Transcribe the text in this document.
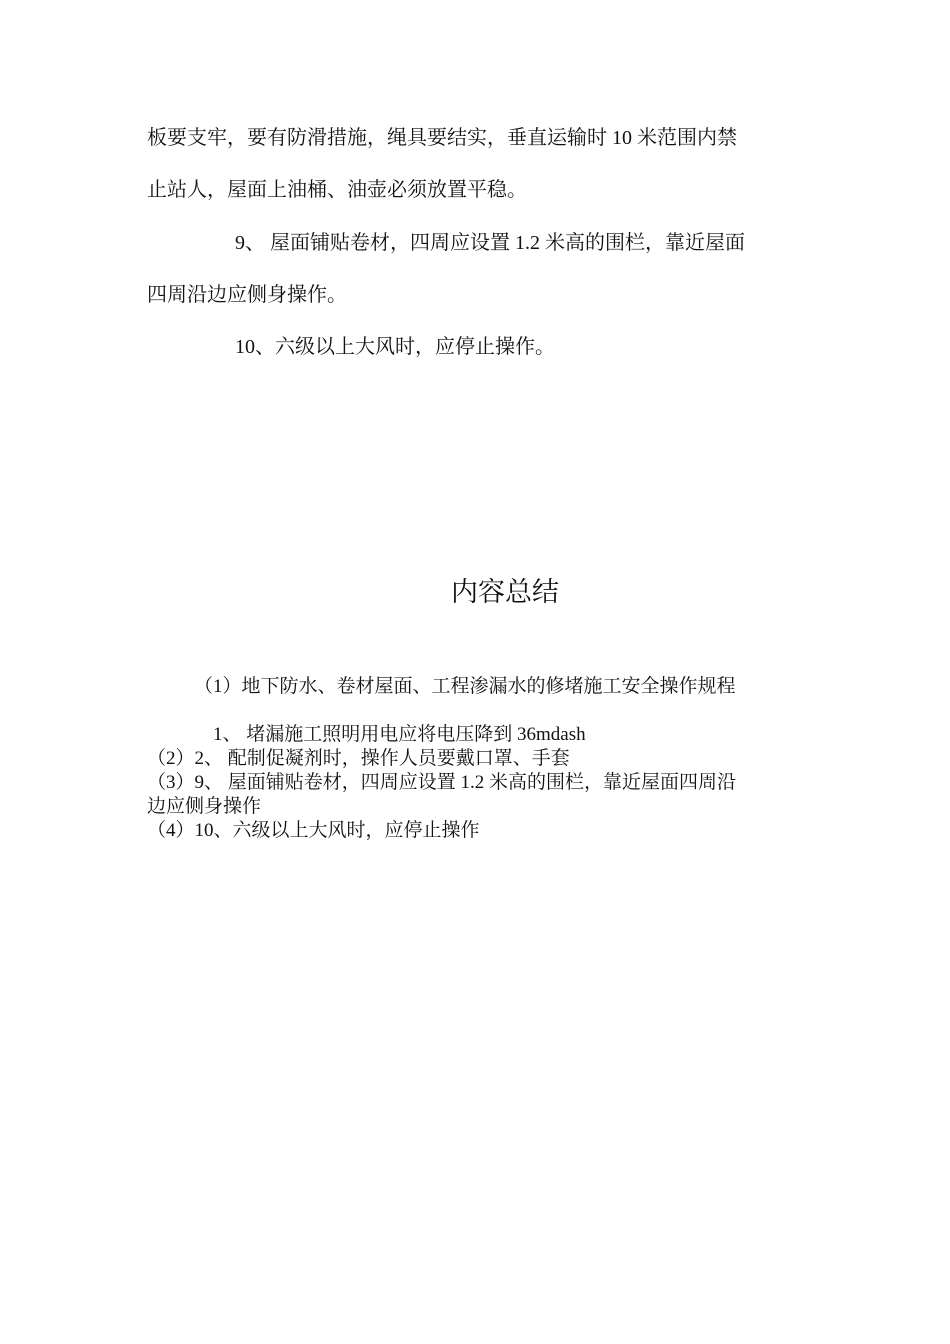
板要支牢，要有防滑措施，绳具要结实，垂直运输时 10 米范围内禁
止站人，屋面上油桶、油壶必须放置平稳。
9、 屋面铺贴卷材，四周应设置 1.2 米高的围栏，靠近屋面
四周沿边应侧身操作。
10、六级以上大风时，应停止操作。
内容总结
（1）地下防水、卷材屋面、工程渗漏水的修堵施工安全操作规程
1、 堵漏施工照明用电应将电压降到 36mdash
（2）2、 配制促凝剂时，操作人员要戴口罩、手套
（3）9、 屋面铺贴卷材，四周应设置 1.2 米高的围栏，靠近屋面四周沿
边应侧身操作
（4）10、六级以上大风时，应停止操作
